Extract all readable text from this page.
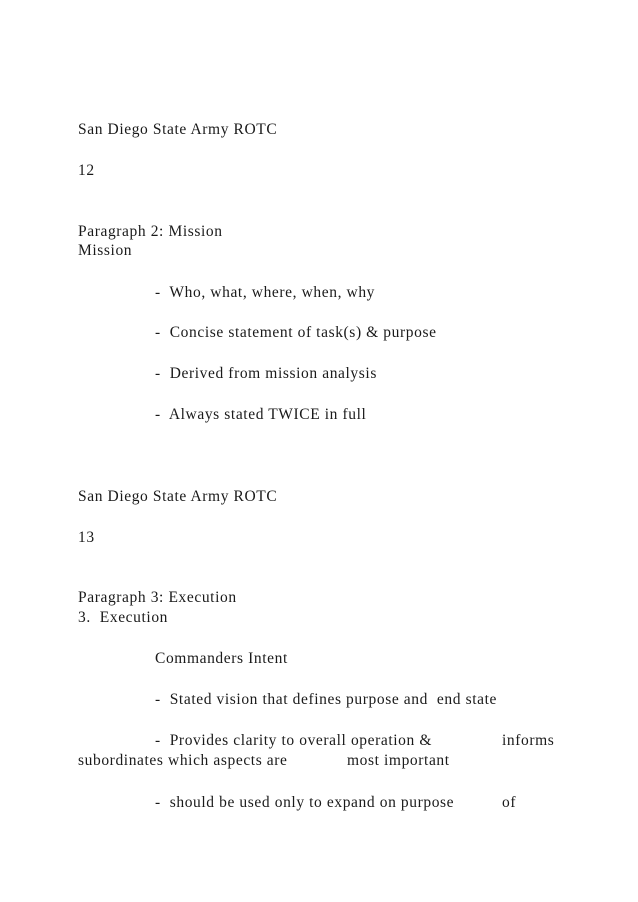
San Diego State Army ROTC
12
Paragraph 2: Mission
Mission
-  Who, what, where, when, why
-  Concise statement of task(s) & purpose
-  Derived from mission analysis
-  Always stated TWICE in full
San Diego State Army ROTC
13
Paragraph 3: Execution
3.  Execution
Commanders Intent
-  Stated vision that defines purpose and  end state
-  Provides clarity to overall operation &	informs
subordinates which aspects are	most important
-  should be used only to expand on purpose	of
